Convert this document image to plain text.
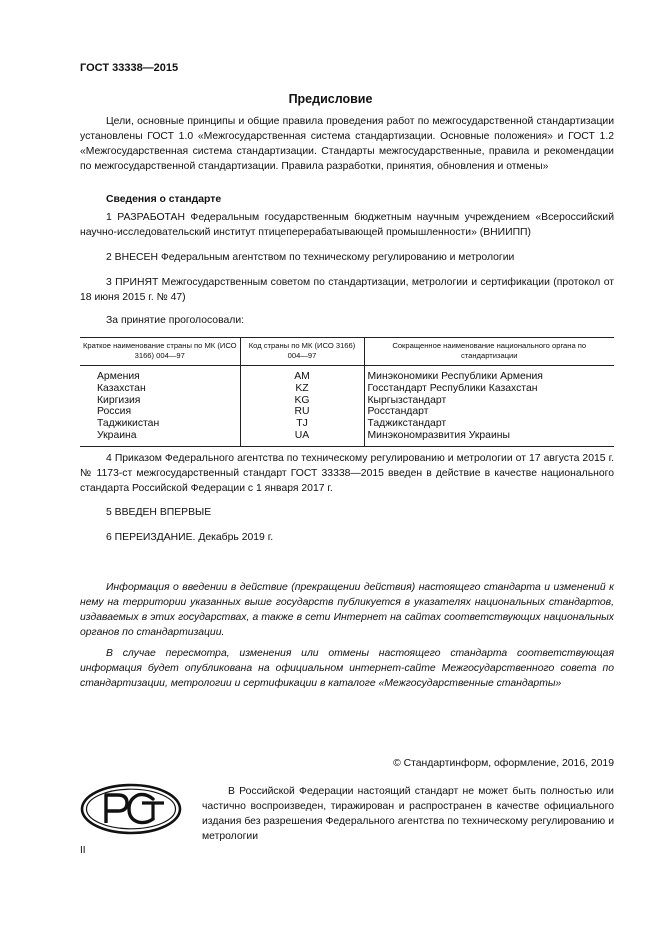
ГОСТ 33338—2015
Предисловие
Цели, основные принципы и общие правила проведения работ по межгосударственной стандартизации установлены ГОСТ 1.0 «Межгосударственная система стандартизации. Основные положения» и ГОСТ 1.2 «Межгосударственная система стандартизации. Стандарты межгосударственные, правила и рекомендации по межгосударственной стандартизации. Правила разработки, принятия, обновления и отмены»
Сведения о стандарте
1 РАЗРАБОТАН Федеральным государственным бюджетным научным учреждением «Всероссийский научно-исследовательский институт птицеперерабатывающей промышленности» (ВНИИПП)
2 ВНЕСЕН Федеральным агентством по техническому регулированию и метрологии
3 ПРИНЯТ Межгосударственным советом по стандартизации, метрологии и сертификации (протокол от 18 июня 2015 г. № 47)
За принятие проголосовали:
Краткое наименование страны по МК (ИСО 3166) 004—97	Код страны по МК (ИСО 3166) 004—97	Сокращенное наименование национального органа по стандартизации
Армения	AM	Минэкономики Республики Армения
Казахстан	KZ	Госстандарт Республики Казахстан
Киргизия	KG	Кыргызстандарт
Россия	RU	Росстандарт
Таджикистан	TJ	Таджикстандарт
Украина	UA	Минэкономразвития Украины
4 Приказом Федерального агентства по техническому регулированию и метрологии от 17 августа 2015 г. № 1173-ст межгосударственный стандарт ГОСТ 33338—2015 введен в действие в качестве национального стандарта Российской Федерации с 1 января 2017 г.
5 ВВЕДЕН ВПЕРВЫЕ
6 ПЕРЕИЗДАНИЕ. Декабрь 2019 г.
Информация о введении в действие (прекращении действия) настоящего стандарта и изменений к нему на территории указанных выше государств публикуется в указателях национальных стандартов, издаваемых в этих государствах, а также в сети Интернет на сайтах соответствующих национальных органов по стандартизации.
В случае пересмотра, изменения или отмены настоящего стандарта соответствующая информация будет опубликована на официальном интернет-сайте Межгосударственного совета по стандартизации, метрологии и сертификации в каталоге «Межгосударственные стандарты»
© Стандартинформ, оформление, 2016, 2019
В Российской Федерации настоящий стандарт не может быть полностью или частично воспроизведен, тиражирован и распространен в качестве официального издания без разрешения Федерального агентства по техническому регулированию и метрологии
II
